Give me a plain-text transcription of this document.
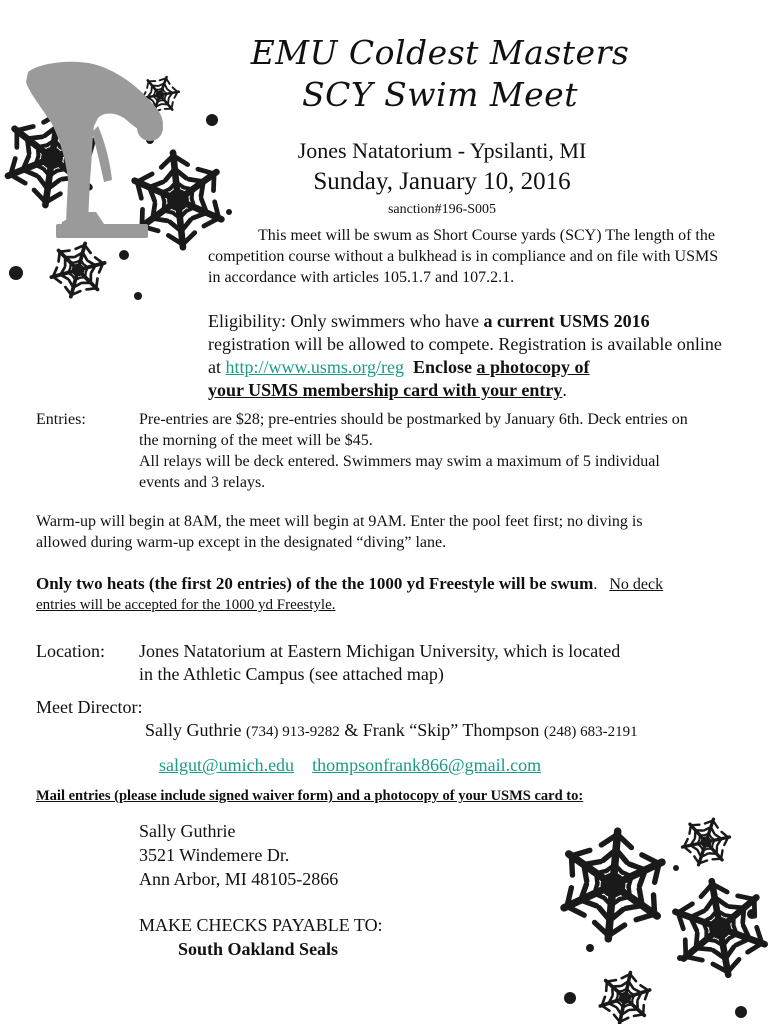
EMU Coldest Masters
SCY Swim Meet
Jones Natatorium - Ypsilanti, MI
Sunday, January 10, 2016
sanction#196-S005
This meet will be swum as Short Course yards (SCY) The length of the
competition course without a bulkhead is in compliance and on file with USMS
in accordance with articles 105.1.7 and 107.2.1.
Eligibility: Only swimmers who have a current USMS 2016
registration will be allowed to compete. Registration is available online
at http://www.usms.org/reg Enclose a photocopy of
your USMS membership card with your entry.
Entries:	Pre-entries are $28; pre-entries should be postmarked by January 6th. Deck entries on
the morning of the meet will be $45.
All relays will be deck entered. Swimmers may swim a maximum of 5 individual
events and 3 relays.
Warm-up will begin at 8AM, the meet will begin at 9AM. Enter the pool feet first; no diving is
allowed during warm-up except in the designated “diving” lane.
Only two heats (the first 20 entries) of the the 1000 yd Freestyle will be swum. No deck
entries will be accepted for the 1000 yd Freestyle.
Location: Jones Natatorium at Eastern Michigan University, which is located
in the Athletic Campus (see attached map)
Meet Director:
Sally Guthrie (734) 913-9282 & Frank “Skip” Thompson (248) 683-2191
salgut@umich.edu thompsonfrank866@gmail.com
Mail entries (please include signed waiver form) and a photocopy of your USMS card to:
Sally Guthrie
3521 Windemere Dr.
Ann Arbor, MI 48105-2866
MAKE CHECKS PAYABLE TO:
South Oakland Seals
